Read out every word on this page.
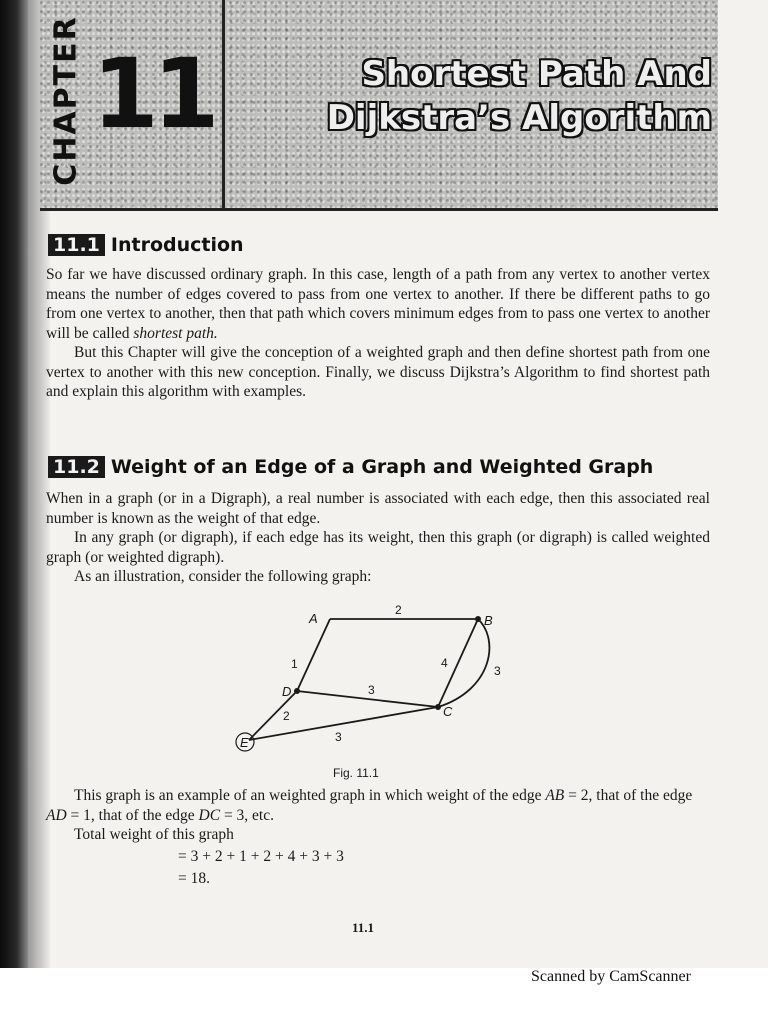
CHAPTER 11	Shortest Path And
Dijkstra’s Algorithm
11.1 Introduction

So far we have discussed ordinary graph. In this case, length of a path from any vertex to another vertex means the number of edges covered to pass from one vertex to another. If there be different paths to go from one vertex to another, then that path which covers minimum edges from to pass one vertex to another will be called shortest path.

But this Chapter will give the conception of a weighted graph and then define shortest path from one vertex to another with this new conception. Finally, we discuss Dijkstra’s Algorithm to find shortest path and explain this algorithm with examples.

11.2 Weight of an Edge of a Graph and Weighted Graph

When in a graph (or in a Digraph), a real number is associated with each edge, then this associated real number is known as the weight of that edge.

In any graph (or digraph), if each edge has its weight, then this graph (or digraph) is called weighted graph (or weighted digraph).

As an illustration, consider the following graph:

A	B
C
D
E
2
1	4
3
3
2
3
Fig. 11.1

This graph is an example of an weighted graph in which weight of the edge AB = 2, that of the edge AD = 1, that of the edge DC = 3, etc.

Total weight of this graph

= 3 + 2 + 1 + 2 + 4 + 3 + 3
= 18.
11.1
Scanned by CamScanner
